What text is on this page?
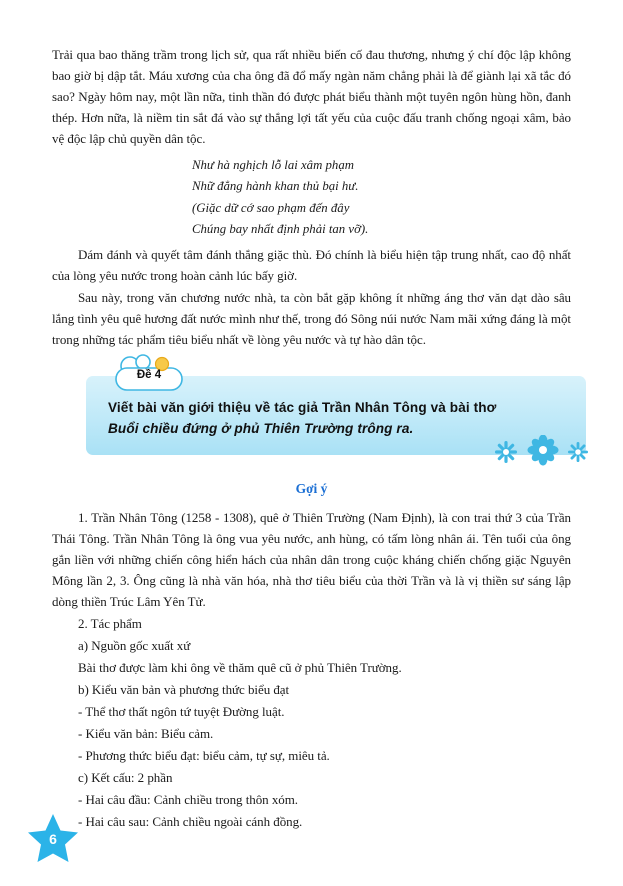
Trải qua bao thăng trầm trong lịch sử, qua rất nhiều biến cố đau thương, nhưng ý chí độc lập không bao giờ bị dập tắt. Máu xương của cha ông đã đổ mấy ngàn năm chẳng phải là để giành lại xã tắc đó sao? Ngày hôm nay, một lần nữa, tinh thần đó được phát biểu thành một tuyên ngôn hùng hồn, đanh thép. Hơn nữa, là niềm tin sắt đá vào sự thắng lợi tất yếu của cuộc đấu tranh chống ngoại xâm, bảo vệ độc lập chủ quyền dân tộc.

Như hà nghịch lỗ lai xâm phạm
Nhữ đẳng hành khan thủ bại hư.
(Giặc dữ cớ sao phạm đến đây
Chúng bay nhất định phải tan vỡ).

Dám đánh và quyết tâm đánh thắng giặc thù. Đó chính là biểu hiện tập trung nhất, cao độ nhất của lòng yêu nước trong hoàn cảnh lúc bấy giờ.

Sau này, trong văn chương nước nhà, ta còn bắt gặp không ít những áng thơ văn dạt dào sâu lắng tình yêu quê hương đất nước mình như thế, trong đó Sông núi nước Nam mãi xứng đáng là một trong những tác phẩm tiêu biểu nhất về lòng yêu nước và tự hào dân tộc.

Đề 4

Viết bài văn giới thiệu về tác giả Trần Nhân Tông và bài thơ

Buổi chiều đứng ở phủ Thiên Trường trông ra.

Gợi ý

1. Trần Nhân Tông (1258 - 1308), quê ở Thiên Trường (Nam Định), là con trai thứ 3 của Trần Thái Tông. Trần Nhân Tông là ông vua yêu nước, anh hùng, có tấm lòng nhân ái. Tên tuổi của ông gắn liền với những chiến công hiển hách của nhân dân trong cuộc kháng chiến chống giặc Nguyên Mông lần 2, 3. Ông cũng là nhà văn hóa, nhà thơ tiêu biểu của thời Trần và là vị thiền sư sáng lập dòng thiền Trúc Lâm Yên Tử.

2. Tác phẩm

a) Nguồn gốc xuất xứ

Bài thơ được làm khi ông về thăm quê cũ ở phủ Thiên Trường.

b) Kiểu văn bản và phương thức biểu đạt

- Thể thơ thất ngôn tứ tuyệt Đường luật.

- Kiểu văn bản: Biểu cảm.

- Phương thức biểu đạt: biểu cảm, tự sự, miêu tả.

c) Kết cấu: 2 phần

- Hai câu đầu: Cảnh chiều trong thôn xóm.

- Hai câu sau: Cảnh chiều ngoài cánh đồng.

6
